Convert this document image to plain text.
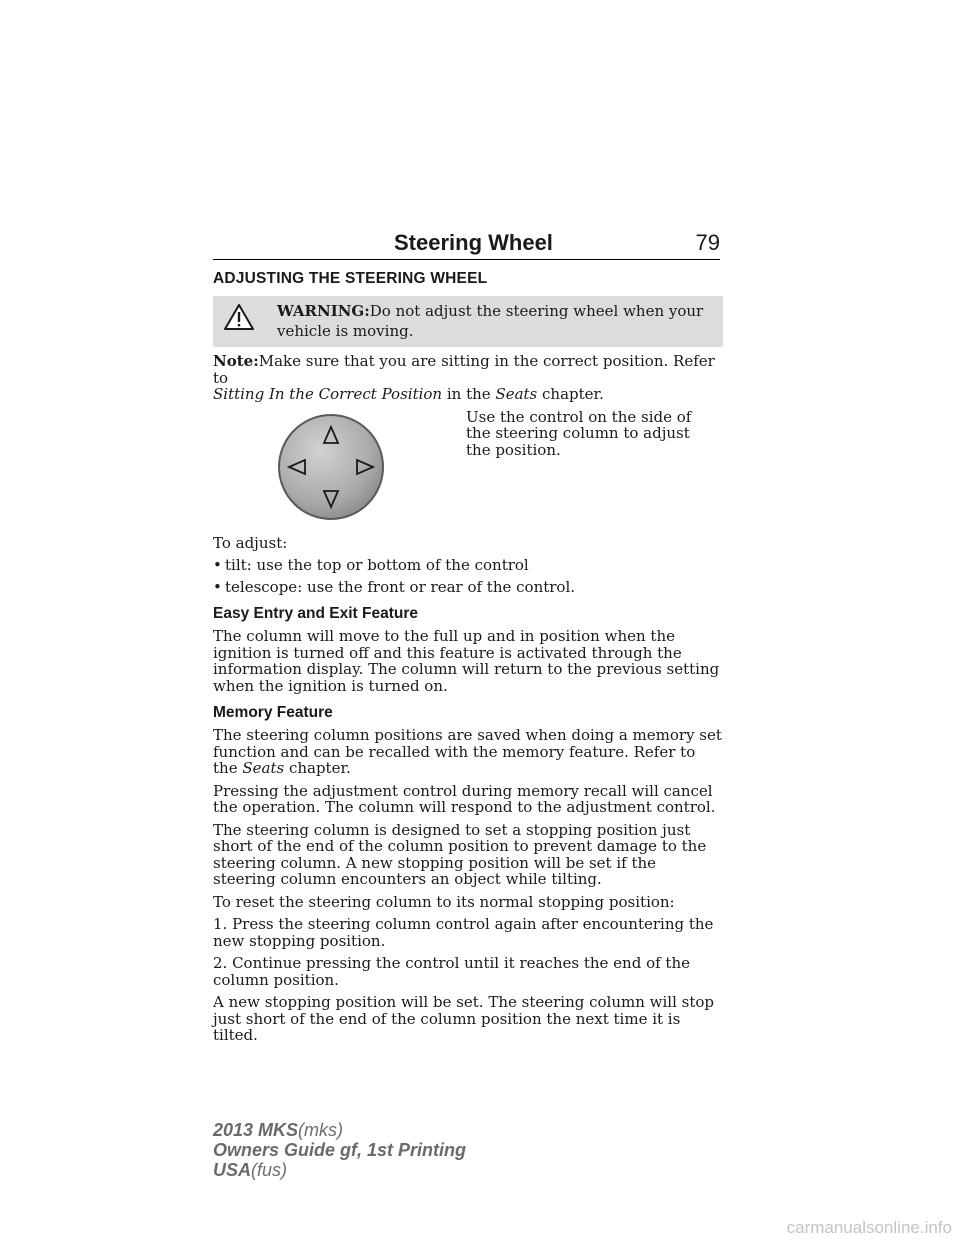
Steering Wheel	79
ADJUSTING THE STEERING WHEEL
WARNING:Do not adjust the steering wheel when your vehicle is moving.

Note:Make sure that you are sitting in the correct position. Refer to
Sitting In the Correct Position in the Seats chapter.

Use the control on the side of the steering column to adjust the position.

To adjust:

• tilt: use the top or bottom of the control
• telescope: use the front or rear of the control.
Easy Entry and Exit Feature

The column will move to the full up and in position when the ignition is turned off and this feature is activated through the information display. The column will return to the previous setting when the ignition is turned on.

Memory Feature

The steering column positions are saved when doing a memory set function and can be recalled with the memory feature. Refer to the Seats chapter.

Pressing the adjustment control during memory recall will cancel the operation. The column will respond to the adjustment control.

The steering column is designed to set a stopping position just short of the end of the column position to prevent damage to the steering column. A new stopping position will be set if the steering column encounters an object while tilting.

To reset the steering column to its normal stopping position:

1. Press the steering column control again after encountering the new stopping position.

2. Continue pressing the control until it reaches the end of the column position.

A new stopping position will be set. The steering column will stop just short of the end of the column position the next time it is tilted.

2013 MKS(mks)
Owners Guide gf, 1st Printing
USA(fus)
carmanualsonline.info
